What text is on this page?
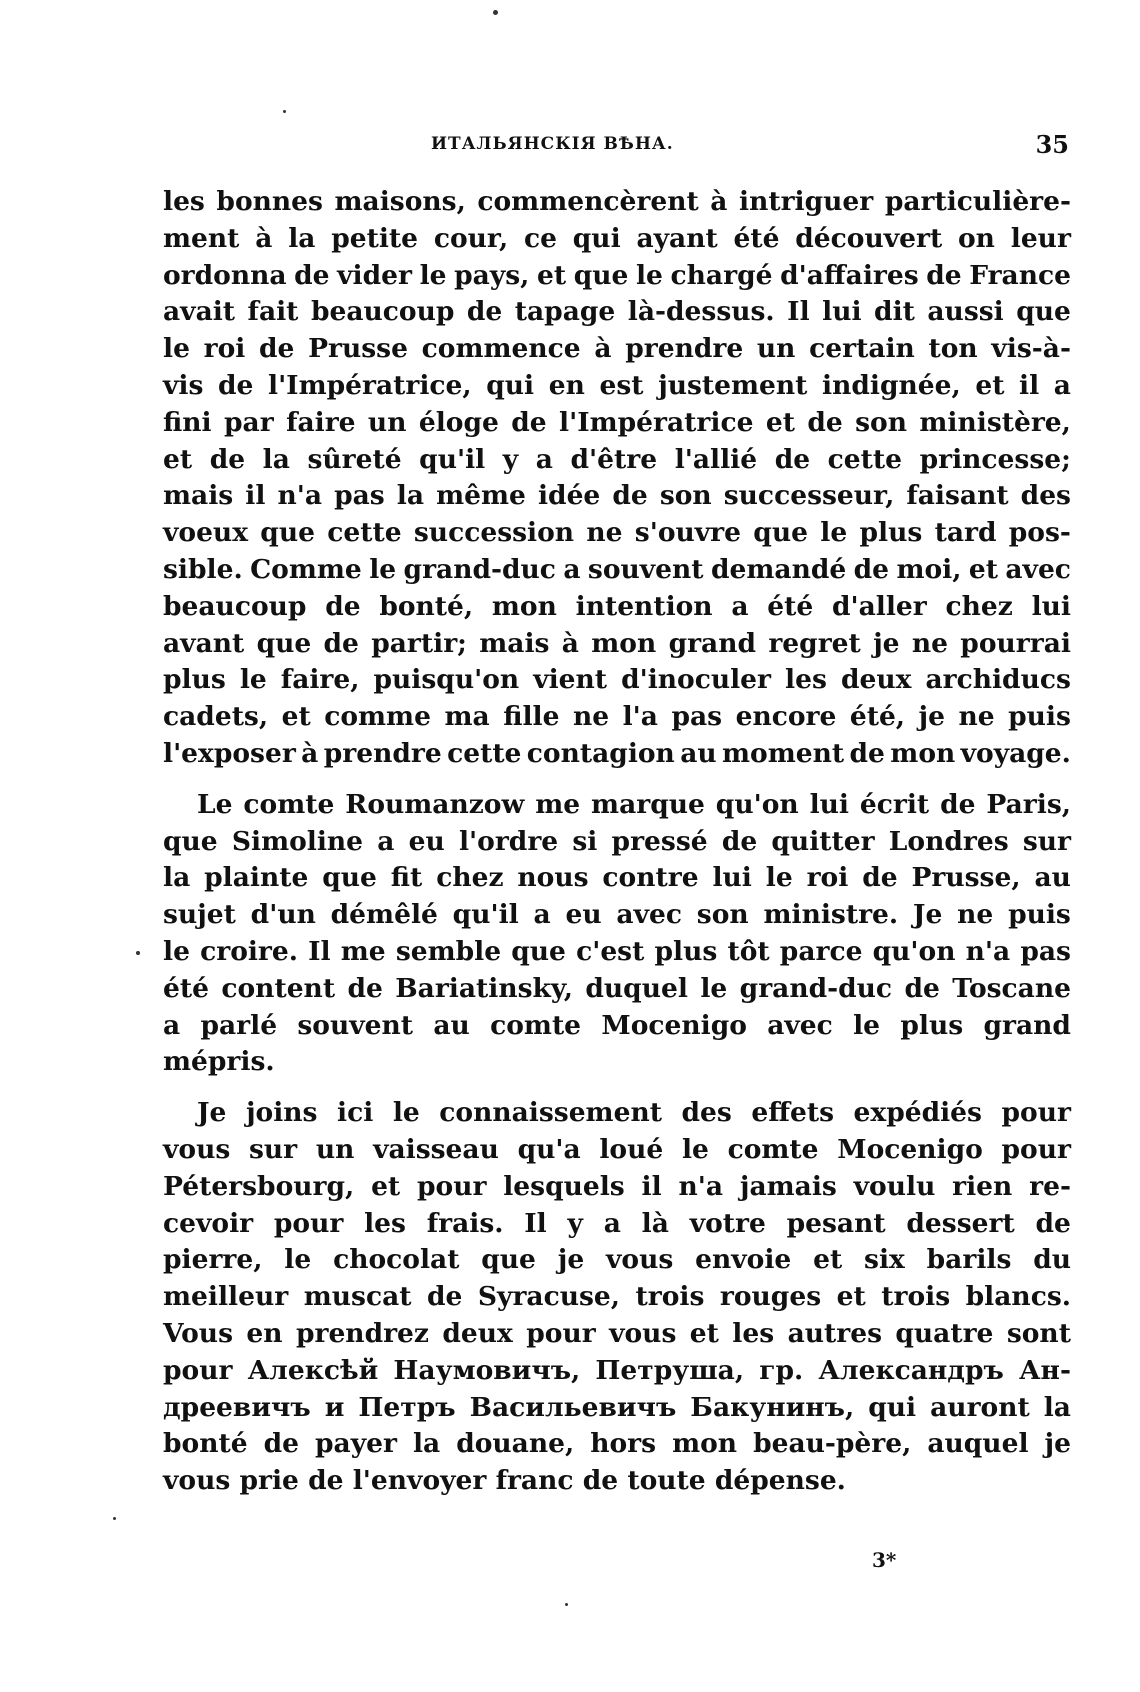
ИТАЛЬЯНСКІЯ ВѢНА.	35
les bonnes maisons, commencèrent à intriguer particulière-
ment à la petite cour, ce qui ayant été découvert on leur
ordonna de vider le pays, et que le chargé d'affaires de France
avait fait beaucoup de tapage là-dessus. Il lui dit aussi que
le roi de Prusse commence à prendre un certain ton vis-à-
vis de l'Impératrice, qui en est justement indignée, et il a
fini par faire un éloge de l'Impératrice et de son ministère,
et de la sûreté qu'il y a d'être l'allié de cette princesse;
mais il n'a pas la même idée de son successeur, faisant des
voeux que cette succession ne s'ouvre que le plus tard pos-
sible. Comme le grand-duc a souvent demandé de moi, et avec
beaucoup de bonté, mon intention a été d'aller chez lui
avant que de partir; mais à mon grand regret je ne pourrai
plus le faire, puisqu'on vient d'inoculer les deux archiducs
cadets, et comme ma fille ne l'a pas encore été, je ne puis
l'exposer à prendre cette contagion au moment de mon voyage.
Le comte Roumanzow me marque qu'on lui écrit de Paris,
que Simoline a eu l'ordre si pressé de quitter Londres sur
la plainte que fit chez nous contre lui le roi de Prusse, au
sujet d'un démêlé qu'il a eu avec son ministre. Je ne puis
le croire. Il me semble que c'est plus tôt parce qu'on n'a pas
été content de Bariatinsky, duquel le grand-duc de Toscane
a parlé souvent au comte Mocenigo avec le plus grand
mépris.
Je joins ici le connaissement des effets expédiés pour
vous sur un vaisseau qu'a loué le comte Mocenigo pour
Pétersbourg, et pour lesquels il n'a jamais voulu rien re-
cevoir pour les frais. Il y a là votre pesant dessert de
pierre, le chocolat que je vous envoie et six barils du
meilleur muscat de Syracuse, trois rouges et trois blancs.
Vous en prendrez deux pour vous et les autres quatre sont
pour Алексѣй Наумовичъ, Петруша, гр. Александръ Ан-
дреевичъ и Петръ Васильевичъ Бакунинъ, qui auront la
bonté de payer la douane, hors mon beau-père, auquel je
vous prie de l'envoyer franc de toute dépense.
3*
